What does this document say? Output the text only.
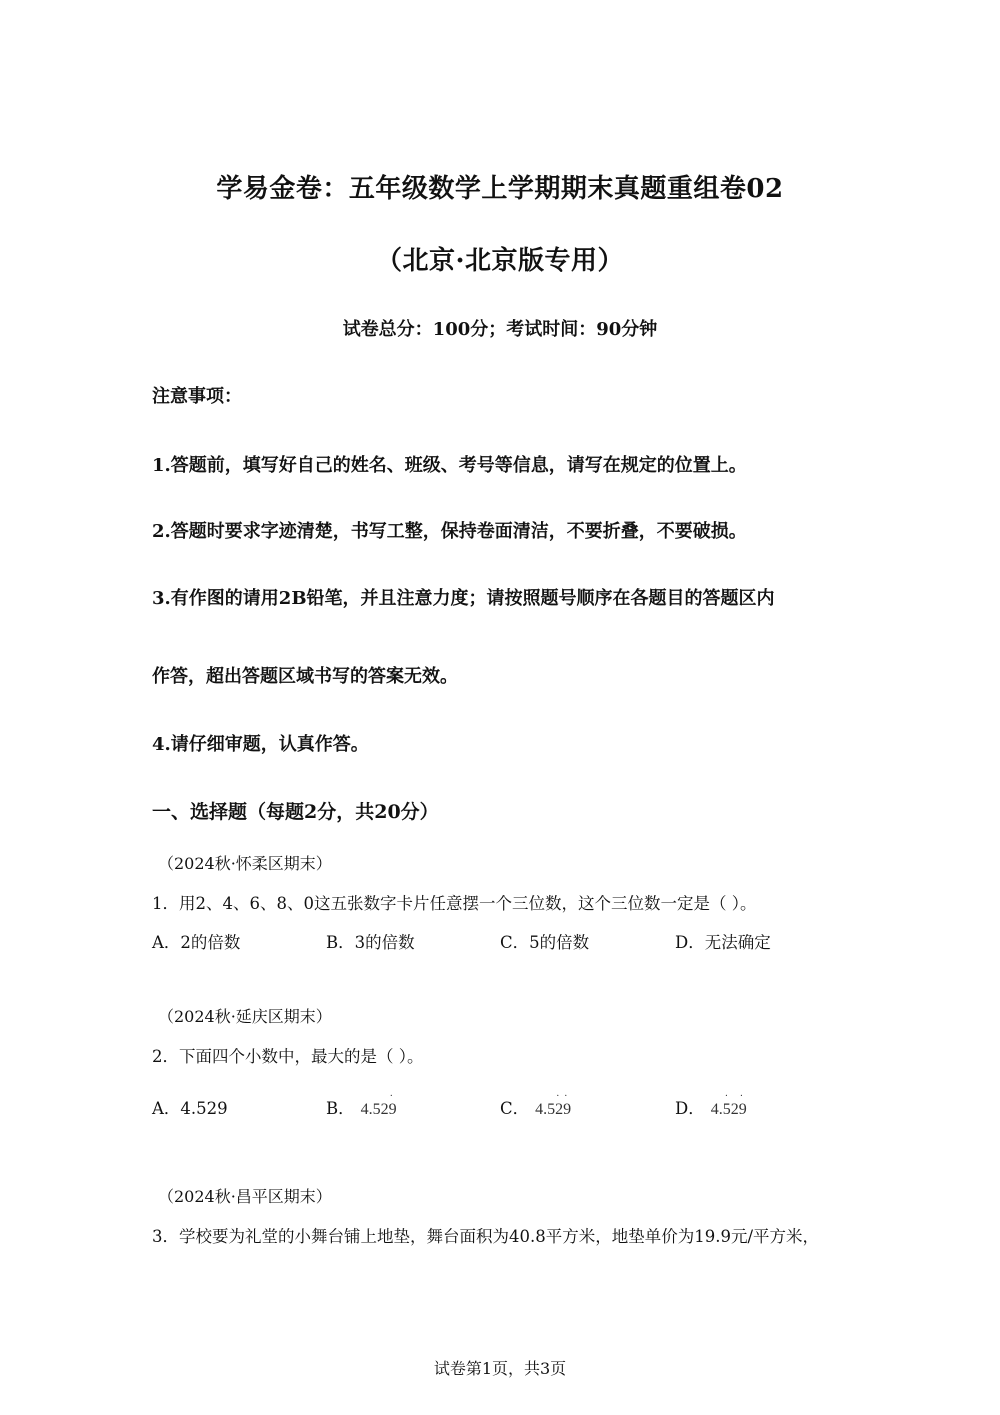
学易金卷：五年级数学上学期期末真题重组卷02
（北京·北京版专用）
试卷总分：100分；考试时间：90分钟
注意事项：
1.答题前，填写好自己的姓名、班级、考号等信息，请写在规定的位置上。
2.答题时要求字迹清楚，书写工整，保持卷面清洁，不要折叠，不要破损。
3.有作图的请用2B铅笔，并且注意力度；请按照题号顺序在各题目的答题区内
作答，超出答题区域书写的答案无效。
4.请仔细审题，认真作答。
一、选择题（每题2分，共20分）
（2024秋·怀柔区期末）
1．用2、4、6、8、0这五张数字卡片任意摆一个三位数，这个三位数一定是（ ）。
A．2的倍数	B．3的倍数	C．5的倍数	D．无法确定
（2024秋·延庆区期末）
2．下面四个小数中，最大的是（ ）。
A．4.529	B． 4.529
·
C． 4.529
· ·
D． 4.529
· ·
（2024秋·昌平区期末）
3．学校要为礼堂的小舞台铺上地垫，舞台面积为40.8平方米，地垫单价为19.9元/平方米，
试卷第1页，共3页
